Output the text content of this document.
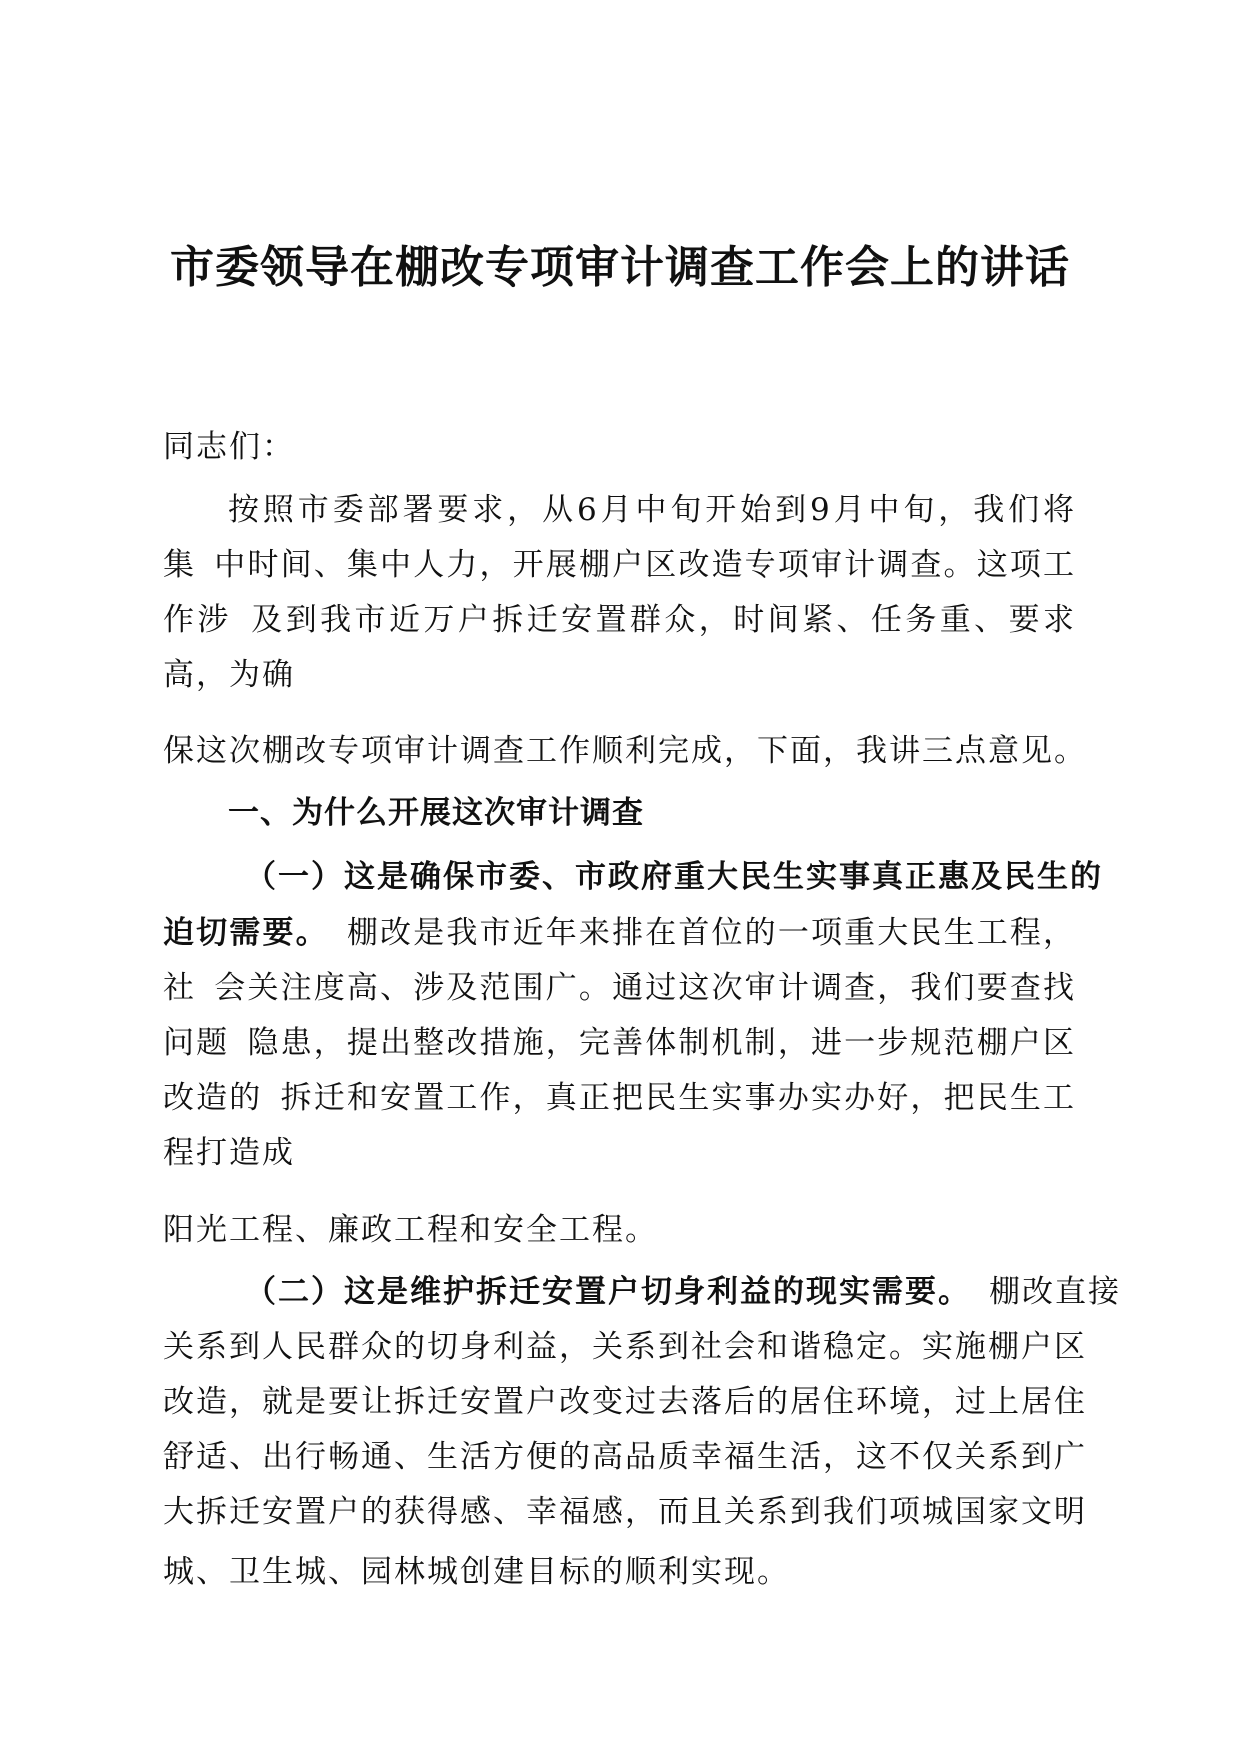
市委领导在棚改专项审计调查工作会上的讲话
同志们：
按照市委部署要求，从6月中旬开始到9月中旬，我们将
集 中时间、集中人力，开展棚户区改造专项审计调查。这项工
作涉 及到我市近万户拆迁安置群众，时间紧、任务重、要求
高，为确
保这次棚改专项审计调查工作顺利完成，下面，我讲三点意见。
一、为什么开展这次审计调查
（一）这是确保市委、市政府重大民生实事真正惠及民生的
迫切需要。 棚改是我市近年来排在首位的一项重大民生工程，
社 会关注度高、涉及范围广。通过这次审计调查，我们要查找
问题 隐患，提出整改措施，完善体制机制，进一步规范棚户区
改造的 拆迁和安置工作，真正把民生实事办实办好，把民生工
程打造成
阳光工程、廉政工程和安全工程。
（二）这是维护拆迁安置户切身利益的现实需要。 棚改直接
关系到人民群众的切身利益，关系到社会和谐稳定。实施棚户区
改造，就是要让拆迁安置户改变过去落后的居住环境，过上居住
舒适、出行畅通、生活方便的高品质幸福生活，这不仅关系到广
大拆迁安置户的获得感、幸福感，而且关系到我们项城国家文明
城、卫生城、园林城创建目标的顺利实现。
